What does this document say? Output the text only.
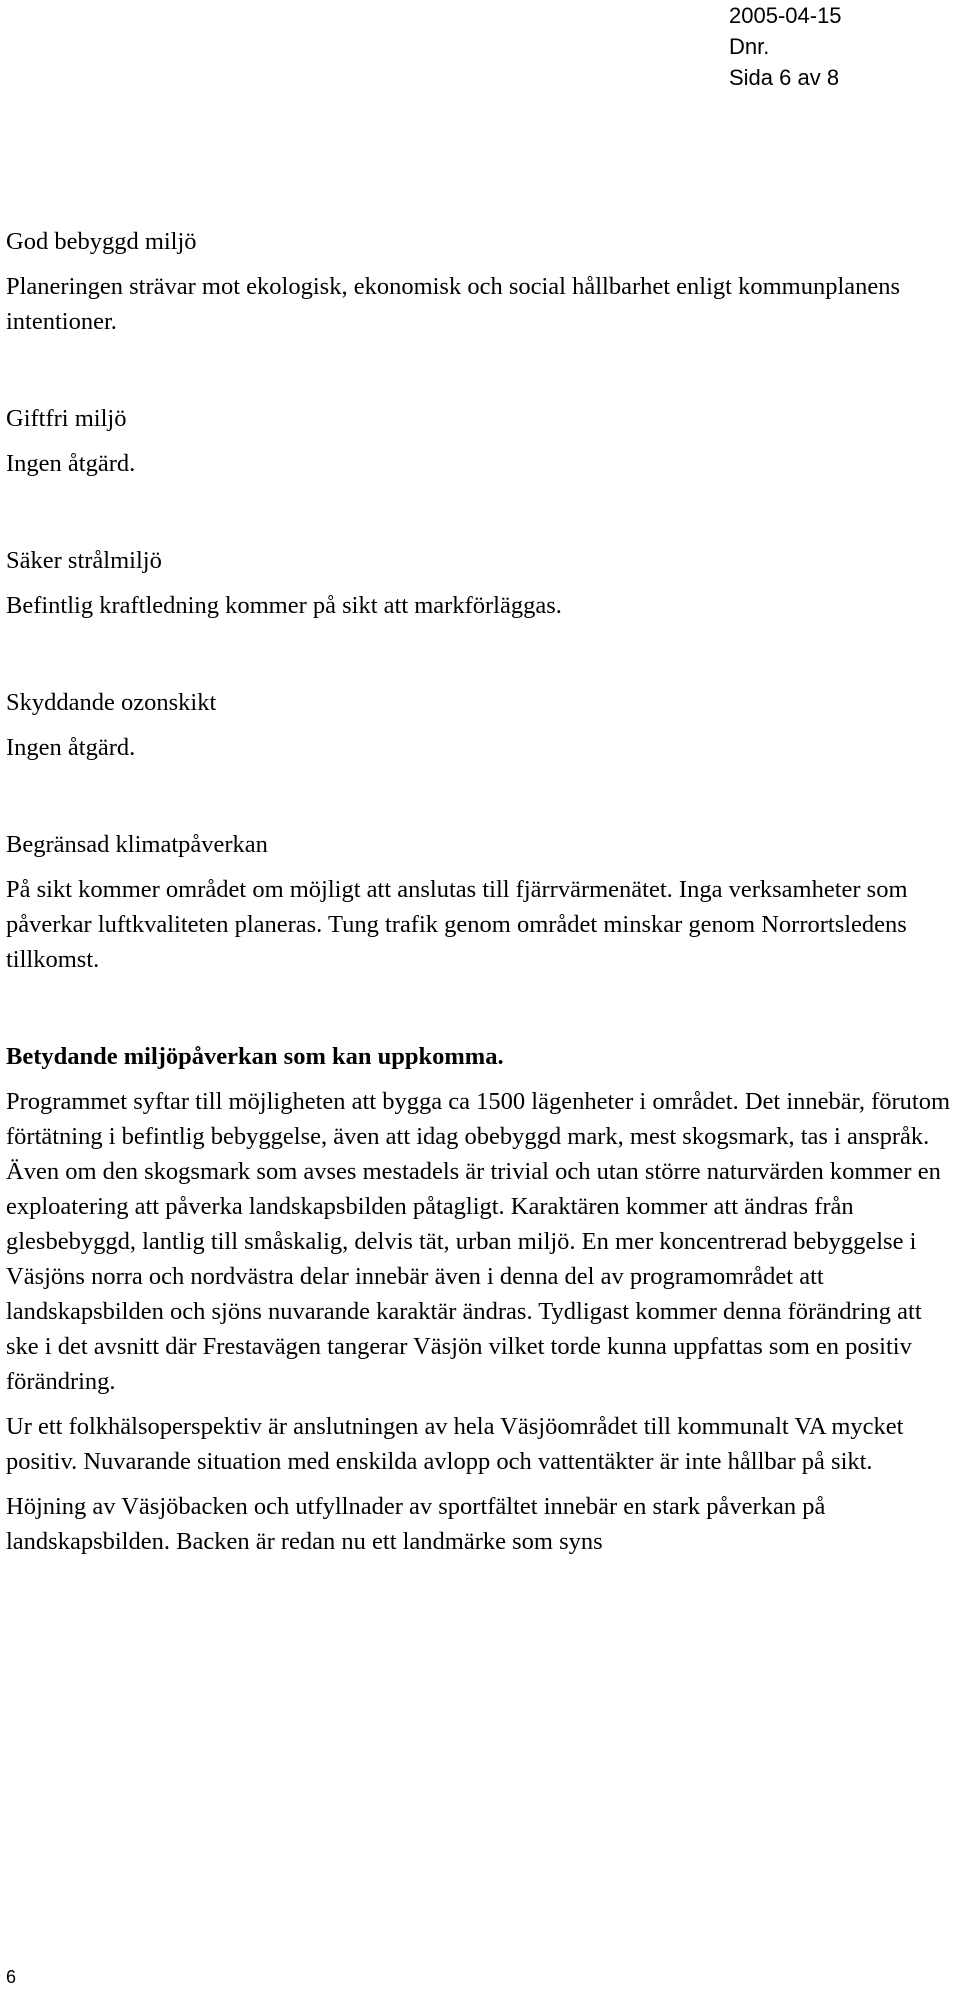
2005-04-15
Dnr.
Sida 6 av 8

God bebyggd miljö

Planeringen strävar mot ekologisk, ekonomisk och social hållbarhet enligt kommunplanens intentioner.

Giftfri miljö

Ingen åtgärd.

Säker strålmiljö

Befintlig kraftledning kommer på sikt att markförläggas.

Skyddande ozonskikt

Ingen åtgärd.

Begränsad klimatpåverkan

På sikt kommer området om möjligt att anslutas till fjärrvärmenätet. Inga verksamheter som påverkar luftkvaliteten planeras. Tung trafik genom området minskar genom Norrortsledens tillkomst.

Betydande miljöpåverkan som kan uppkomma.

Programmet syftar till möjligheten att bygga ca 1500 lägenheter i området. Det innebär, förutom förtätning i befintlig bebyggelse, även att idag obebyggd mark, mest skogsmark, tas i anspråk. Även om den skogsmark som avses mestadels är trivial och utan större naturvärden kommer en exploatering att påverka landskapsbilden påtagligt. Karaktären kommer att ändras från glesbebyggd, lantlig till småskalig, delvis tät, urban miljö. En mer koncentrerad bebyggelse i Väsjöns norra och nordvästra delar innebär även i denna del av programområdet att landskapsbilden och sjöns nuvarande karaktär ändras. Tydligast kommer denna förändring att ske i det avsnitt där Frestavägen tangerar Väsjön vilket torde kunna uppfattas som en positiv förändring.

Ur ett folkhälsoperspektiv är anslutningen av hela Väsjöområdet till kommunalt VA mycket positiv. Nuvarande situation med enskilda avlopp och vattentäkter är inte hållbar på sikt.

Höjning av Väsjöbacken och utfyllnader av sportfältet innebär en stark påverkan på landskapsbilden. Backen är redan nu ett landmärke som syns

6
